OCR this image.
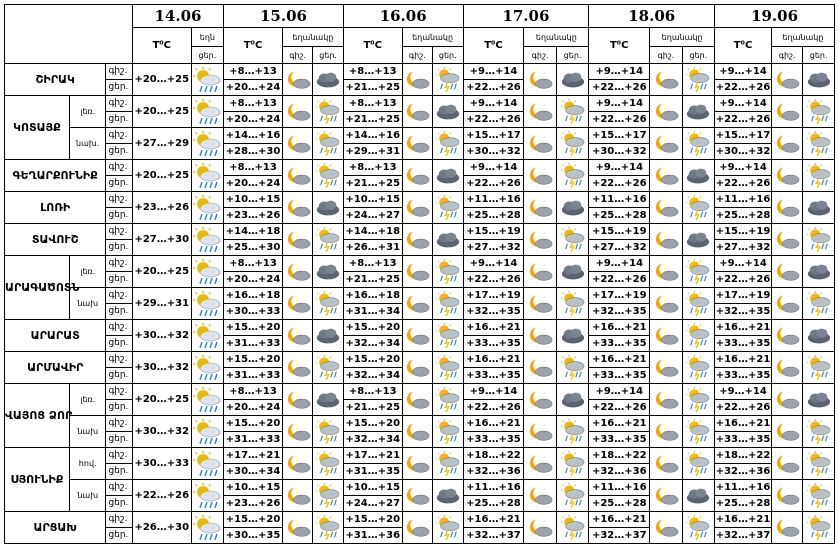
			14.06		15.06			16.06			17.06			18.06			19.06		
			T⁰C	եղն	T⁰C	եղանակը		T⁰C	եղանակը		T⁰C	եղանակը		T⁰C	եղանակը		T⁰C	եղանակը	
				ցեր.		գիշ.	ցեր.		գիշ.	ցեր.		գիշ.	ցեր.		գիշ.	ցեր.		գիշ.	ցեր.
ՇԻՐԱԿ		գիշ.	+20…+25		+8…+13			+8…+13			+9…+14			+9…+14			+9…+14	

		ցեր.			+20…+24			+21…+25			+22…+26			+22…+26			+22…+26		
ԿՈՏԱՅՔ	լեռ.	գիշ.	+20…+25		+8…+13			+8…+13			+9…+14			+9…+14			+9…+14	

		ցեր.			+20…+24			+21…+25			+22…+26			+22…+26			+22…+26		
	նախ.	գիշ.	+27…+29		+14…+16			+14…+16			+15…+17			+15…+17			+15…+17	

		ցեր.			+28…+30			+29…+31			+30…+32			+30…+32			+30…+32		
ԳԵՂԱՐՔՈՒՆԻՔ		գիշ.	+20…+25		+8…+13			+8…+13			+9…+14			+9…+14			+9…+14	

		ցեր.			+20…+24			+21…+25			+22…+26			+22…+26			+22…+26		
ԼՈՌԻ		գիշ.	+23…+26		+10…+15			+10…+15			+11…+16			+11…+16			+11…+16	

		ցեր.			+23…+26			+24…+27			+25…+28			+25…+28			+25…+28		
ՏԱՎՈՒՇ		գիշ.	+27…+30		+14…+18			+14…+18			+15…+19			+15…+19			+15…+19	

		ցեր.			+25…+30			+26…+31			+27…+32			+27…+32			+27…+32		
ԱՐԱԳԱԾՈՏՆ	լեռ.	գիշ.	+20…+25		+8…+13			+8…+13			+9…+14			+9…+14			+9…+14	

		ցեր.			+20…+24			+21…+25			+22…+26			+22…+26			+22…+26		
	նախ	գիշ.	+29…+31		+16…+18			+16…+18			+17…+19			+17…+19			+17…+19	

		ցեր.			+30…+33			+31…+34			+32…+35			+32…+35			+32…+35		
ԱՐԱՐԱՏ		գիշ.	+30…+32		+15…+20			+15…+20			+16…+21			+16…+21			+16…+21	

		ցեր.			+31…+33			+32…+34			+33…+35			+33…+35			+33…+35		
ԱՐՄԱՎԻՐ		գիշ.	+30…+32		+15…+20			+15…+20			+16…+21			+16…+21			+16…+21	

		ցեր.			+31…+33			+32…+34			+33…+35			+33…+35			+33…+35		
ՎԱՅՈՑ ՁՈՐ	լեռ.	գիշ.	+20…+25		+8…+13			+8…+13			+9…+14			+9…+14			+9…+14	

		ցեր.			+20…+24			+21…+25			+22…+26			+22…+26			+22…+26		
	նախ	գիշ.	+30…+32		+15…+20			+15…+20			+16…+21			+16…+21			+16…+21	

		ցեր.			+31…+33			+32…+34			+33…+35			+33…+35			+33…+35		
ՍՅՈՒՆԻՔ	հով.	գիշ.	+30…+33		+17…+21			+17…+21			+18…+22			+18…+22			+18…+22	

		ցեր.			+30…+34			+31…+35			+32…+36			+32…+36			+32…+36		
	նախ	գիշ.	+22…+26		+10…+15			+10…+15			+11…+16			+11…+16			+11…+16	

		ցեր.			+23…+26			+24…+27			+25…+28			+25…+28			+25…+28		
ԱՐՑԱԽ		գիշ.	+26…+30		+15…+20			+15…+20			+16…+21			+16…+21			+16…+21	

		ցեր.			+30…+35			+31…+36			+32…+37			+32…+37			+32…+37		
